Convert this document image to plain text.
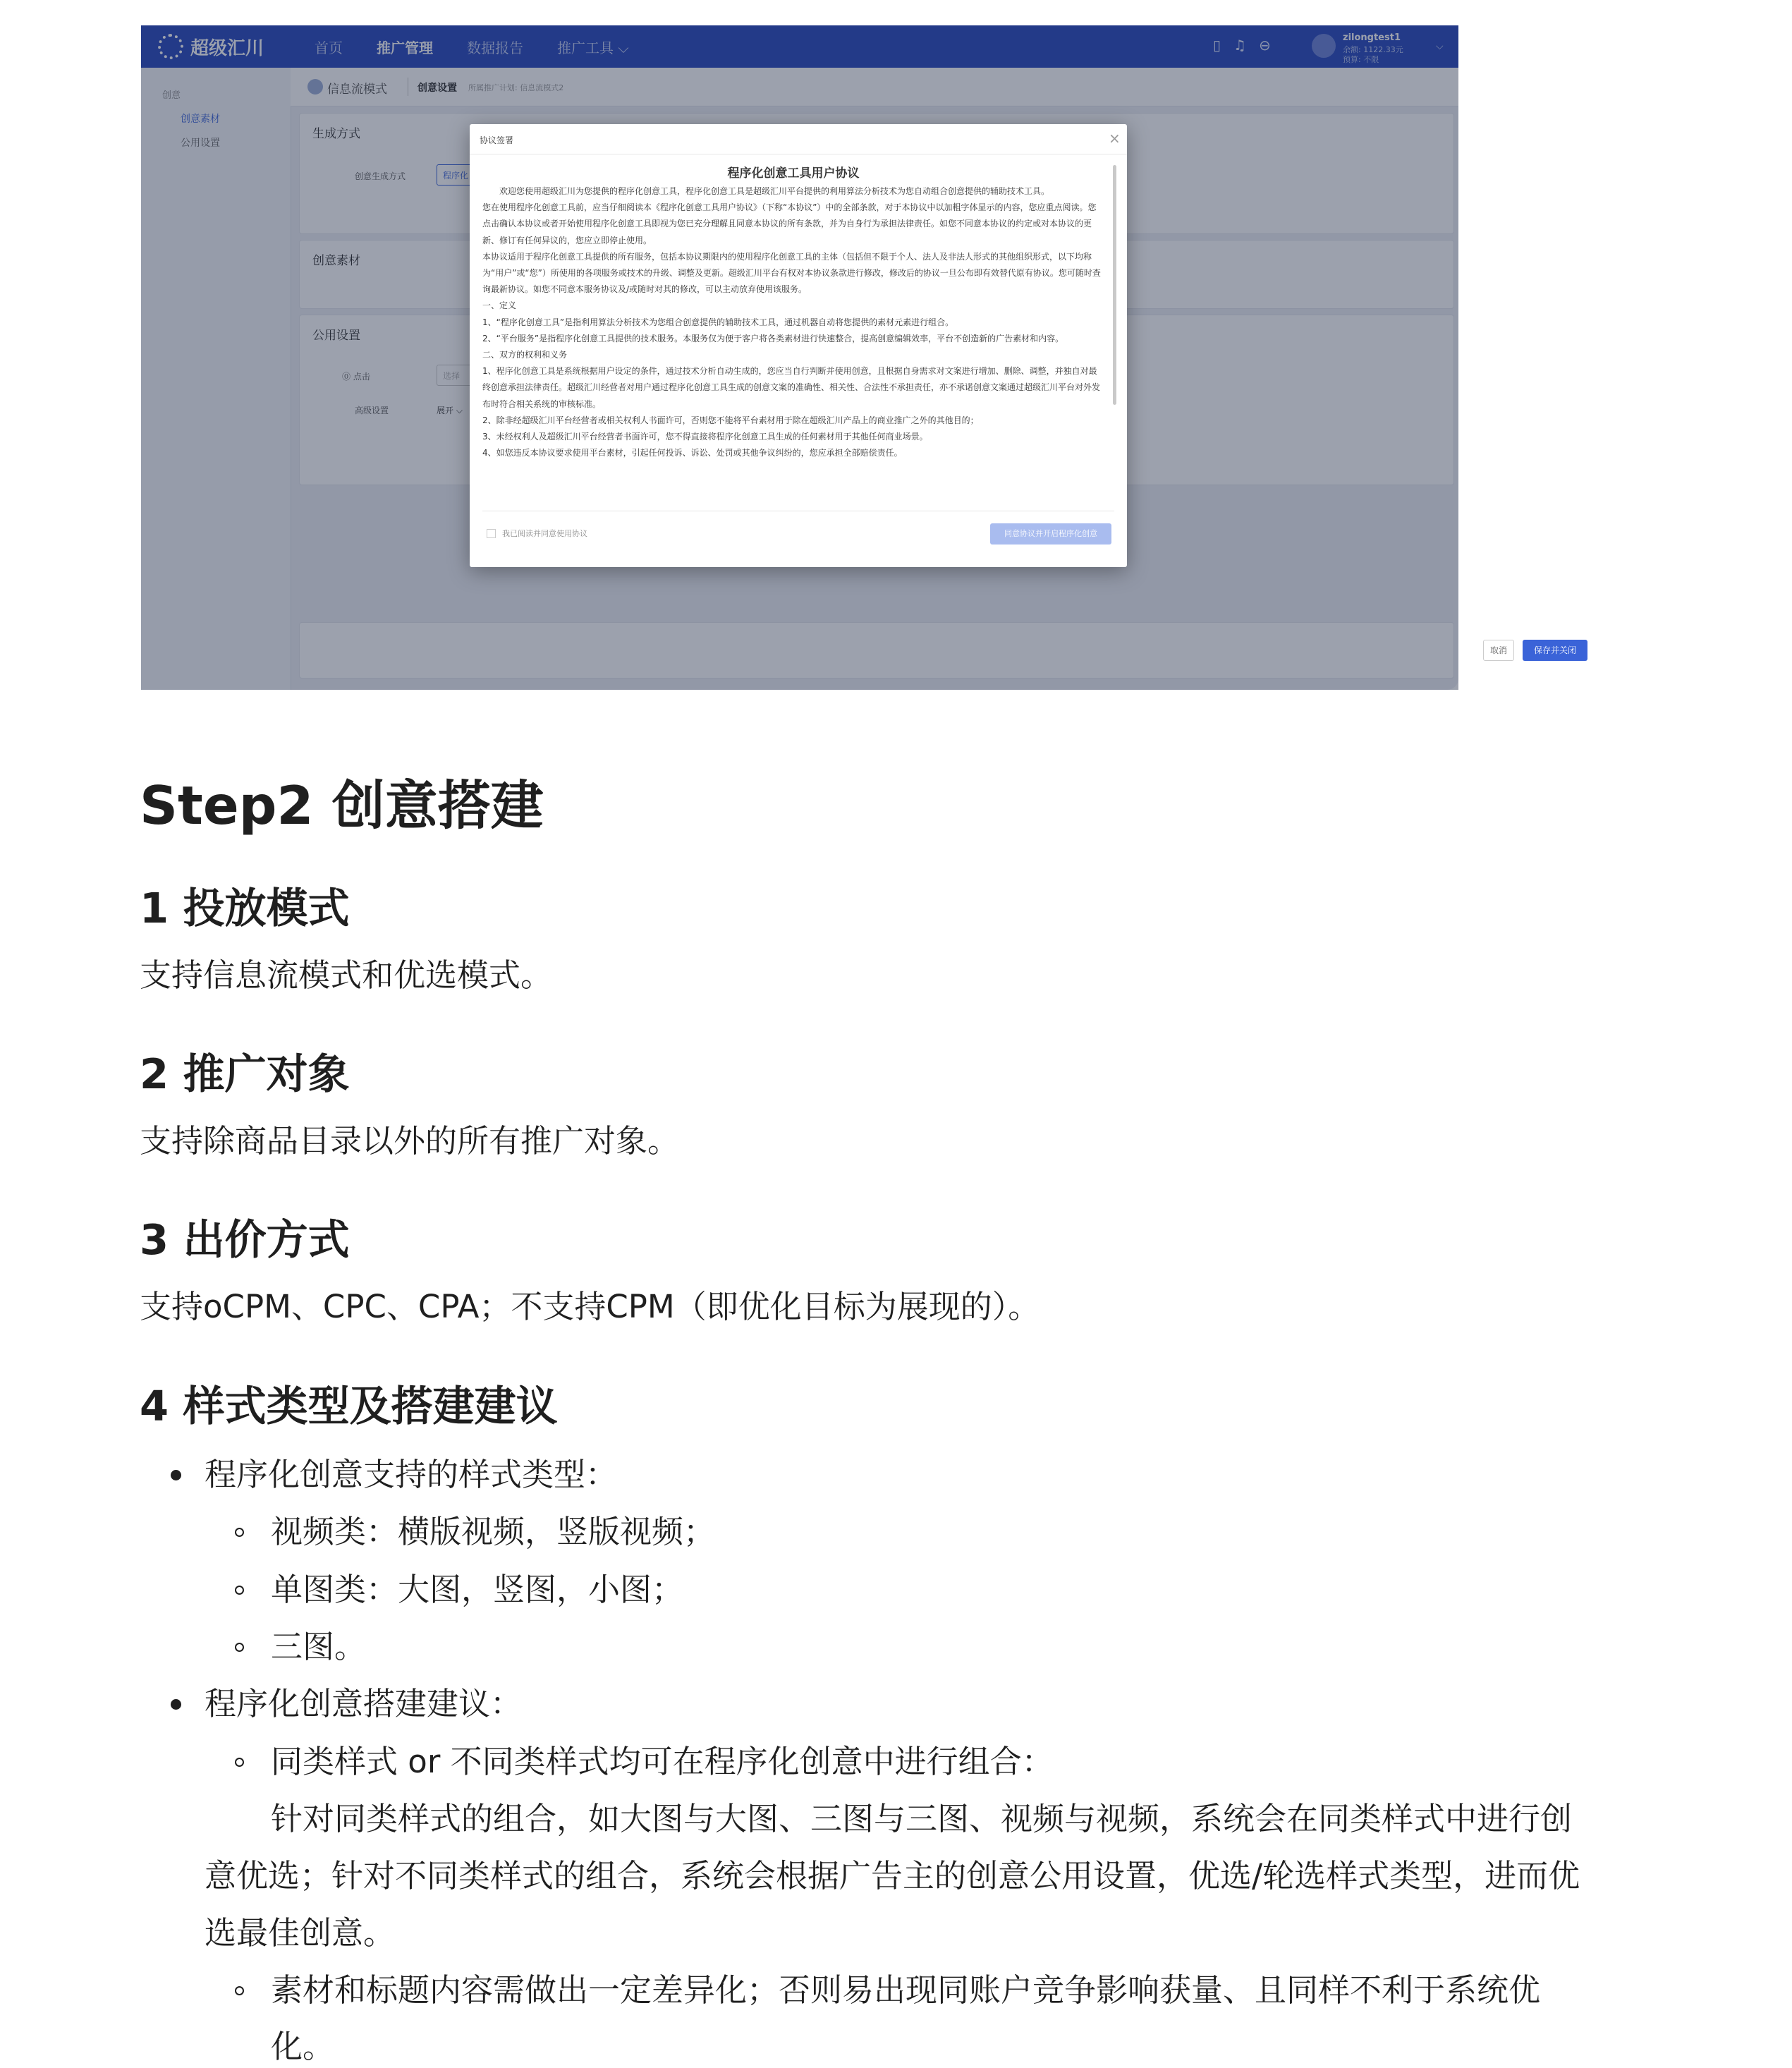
超级汇川	首页 推广管理 数据报告 推广工具 ⌵	▯ ♫ ⊖	zilongtest1
余额: 1122.33元
预算: 不限
⌵
创意
创意素材
公用设置
信息流模式	创意设置 所属推广计划: 信息流模式2
生成方式
创意生成方式	程序化
创意素材
公用设置
⓪ 点击	选择
高级设置	展开 ⌵
取消	保存并关闭
协议签署	×

程序化创意工具用户协议

欢迎您使用超级汇川为您提供的程序化创意工具，程序化创意工具是超级汇川平台提供的利用算法分析技术为您自动组合创意提供的辅助技术工具。

您在使用程序化创意工具前，应当仔细阅读本《程序化创意工具用户协议》（下称“本协议”）中的全部条款，对于本协议中以加粗字体显示的内容，您应重点阅读。您点击确认本协议或者开始使用程序化创意工具即视为您已充分理解且同意本协议的所有条款，并为自身行为承担法律责任。如您不同意本协议的约定或对本协议的更新、修订有任何异议的，您应立即停止使用。

本协议适用于程序化创意工具提供的所有服务，包括本协议期限内的使用程序化创意工具的主体（包括但不限于个人、法人及非法人形式的其他组织形式，以下均称为“用户”或“您”）所使用的各项服务或技术的升级、调整及更新。超级汇川平台有权对本协议条款进行修改，修改后的协议一旦公布即有效替代原有协议。您可随时查询最新协议。如您不同意本服务协议及/或随时对其的修改，可以主动放弃使用该服务。

一、定义

1、“程序化创意工具”是指利用算法分析技术为您组合创意提供的辅助技术工具，通过机器自动将您提供的素材元素进行组合。

2、“平台服务”是指程序化创意工具提供的技术服务。本服务仅为便于客户将各类素材进行快速整合，提高创意编辑效率，平台不创造新的广告素材和内容。

二、双方的权利和义务

1、程序化创意工具是系统根据用户设定的条件，通过技术分析自动生成的，您应当自行判断并使用创意，且根据自身需求对文案进行增加、删除、调整，并独自对最终创意承担法律责任。超级汇川经营者对用户通过程序化创意工具生成的创意文案的准确性、相关性、合法性不承担责任，亦不承诺创意文案通过超级汇川平台对外发布时符合相关系统的审核标准。

2、除非经超级汇川平台经营者或相关权利人书面许可，否则您不能将平台素材用于除在超级汇川产品上的商业推广之外的其他目的；

3、未经权利人及超级汇川平台经营者书面许可，您不得直接将程序化创意工具生成的任何素材用于其他任何商业场景。

4、如您违反本协议要求使用平台素材，引起任何投诉、诉讼、处罚或其他争议纠纷的，您应承担全部赔偿责任。

我已阅读并同意使用协议	同意协议并开启程序化创意
Step2 创意搭建
1 投放模式

支持信息流模式和优选模式。

2 推广对象

支持除商品目录以外的所有推广对象。

3 出价方式

支持oCPM、CPC、CPA；不支持CPM（即优化目标为展现的）。

4 样式类型及搭建建议

程序化创意支持的样式类型：

视频类：横版视频，竖版视频；

单图类：大图，竖图，小图；

三图。

程序化创意搭建建议：

同类样式 or 不同类样式均可在程序化创意中进行组合：

针对同类样式的组合，如大图与大图、三图与三图、视频与视频，系统会在同类样式中进行创

意优选；针对不同类样式的组合，系统会根据广告主的创意公用设置，优选/轮选样式类型，进而优

选最佳创意。

素材和标题内容需做出一定差异化；否则易出现同账户竞争影响获量、且同样不利于系统优

化。
